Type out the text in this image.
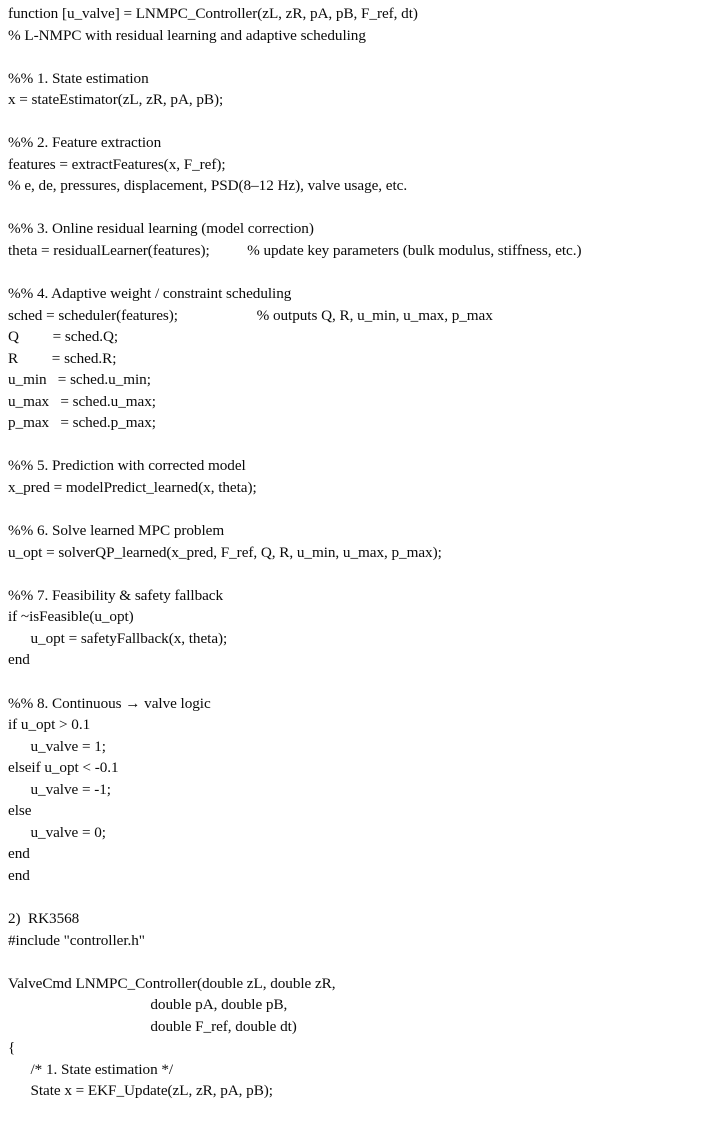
function [u_valve] = LNMPC_Controller(zL, zR, pA, pB, F_ref, dt)
% L-NMPC with residual learning and adaptive scheduling
%% 1. State estimation
x = stateEstimator(zL, zR, pA, pB);
%% 2. Feature extraction
features = extractFeatures(x, F_ref);
% e, de, pressures, displacement, PSD(8–12 Hz), valve usage, etc.
%% 3. Online residual learning (model correction)
theta = residualLearner(features);          % update key parameters (bulk modulus, stiffness, etc.)
%% 4. Adaptive weight / constraint scheduling
sched = scheduler(features);                     % outputs Q, R, u_min, u_max, p_max
Q         = sched.Q;
R         = sched.R;
u_min   = sched.u_min;
u_max   = sched.u_max;
p_max   = sched.p_max;
%% 5. Prediction with corrected model
x_pred = modelPredict_learned(x, theta);
%% 6. Solve learned MPC problem
u_opt = solverQP_learned(x_pred, F_ref, Q, R, u_min, u_max, p_max);
%% 7. Feasibility & safety fallback
if ~isFeasible(u_opt)
u_opt = safetyFallback(x, theta);
end
%% 8. Continuous → valve logic
if u_opt > 0.1
u_valve = 1;
elseif u_opt < -0.1
u_valve = -1;
else
u_valve = 0;
end
end
2)  RK3568
#include "controller.h"
ValveCmd LNMPC_Controller(double zL, double zR,
double pA, double pB,
double F_ref, double dt)
{
/* 1. State estimation */
State x = EKF_Update(zL, zR, pA, pB);
